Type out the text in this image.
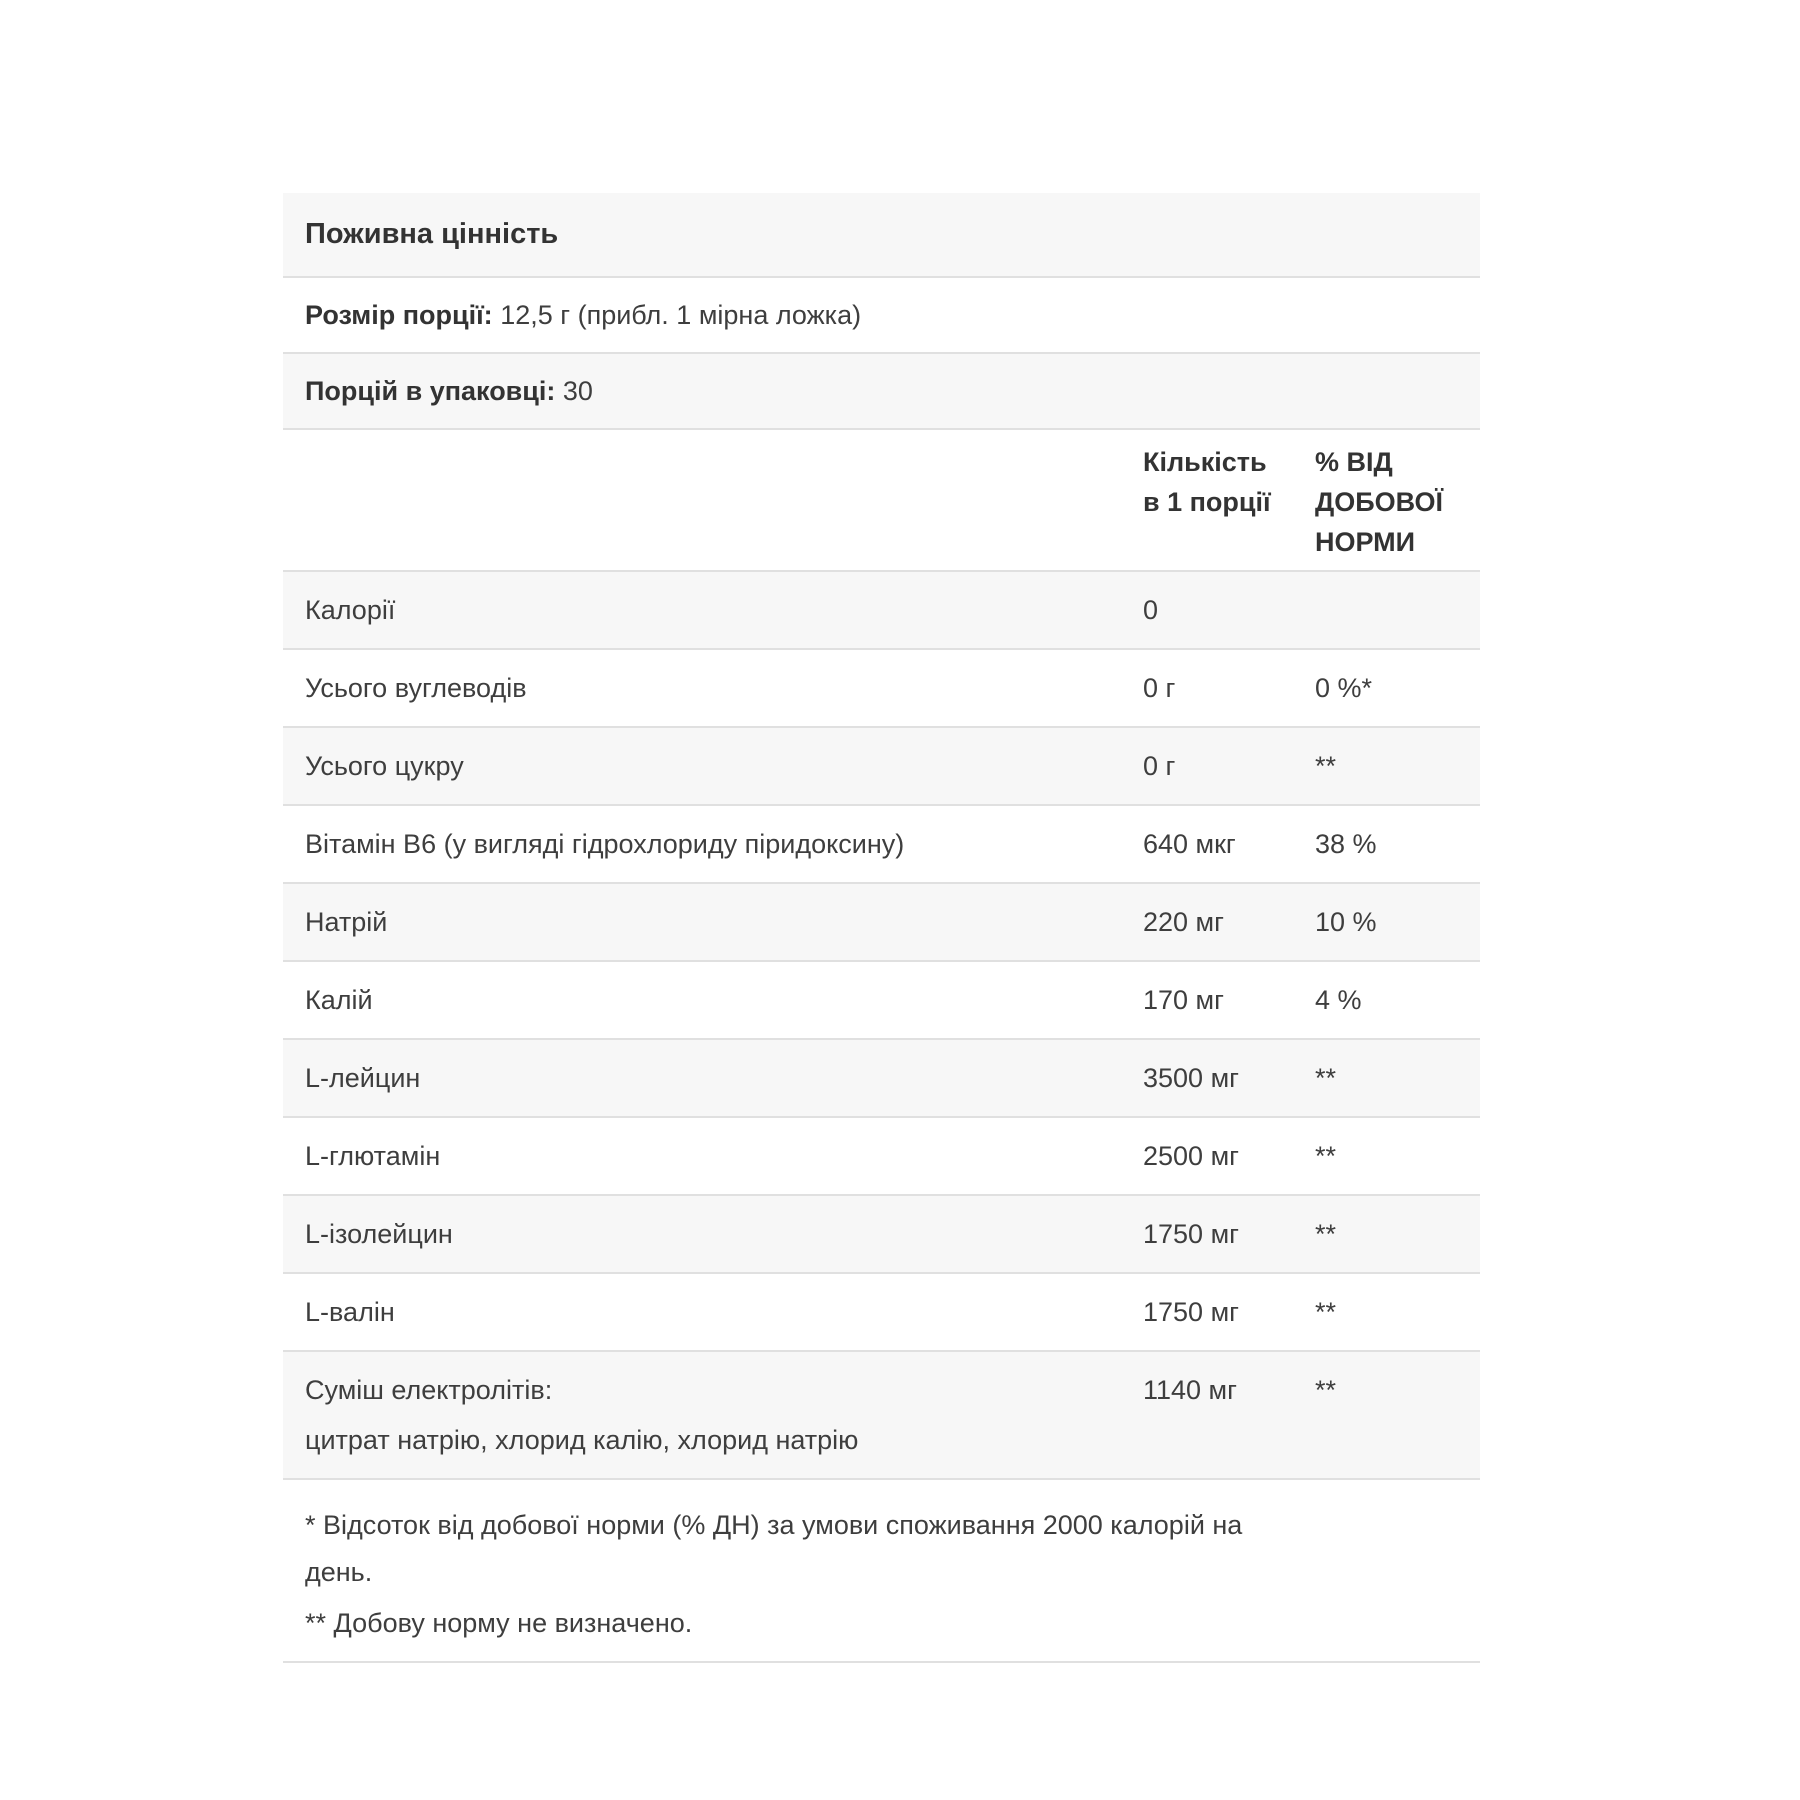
Поживна цінність		
Розмір порції: 12,5 г (прибл. 1 мірна ложка)		
Порцій в упаковці: 30		
	Кількість в 1 порції	% ВІД ДОБОВОЇ НОРМИ

Калорії	0	

Усього вуглеводів	0 г	0 %*

Усього цукру	0 г	**

Вітамін B6 (у вигляді гідрохлориду піридоксину)	640 мкг	38 %

Натрій	220 мг	10 %

Калій	170 мг	4 %

L-лейцин	3500 мг	**

L-глютамін	2500 мг	**

L-ізолейцин	1750 мг	**

L-валін	1750 мг	**

Суміш електролітів:
цитрат натрію, хлорид калію, хлорид натрію	1140 мг	**

* Відсоток від добової норми (% ДН) за умови споживання 2000 калорій на
день.

** Добову норму не визначено.		
